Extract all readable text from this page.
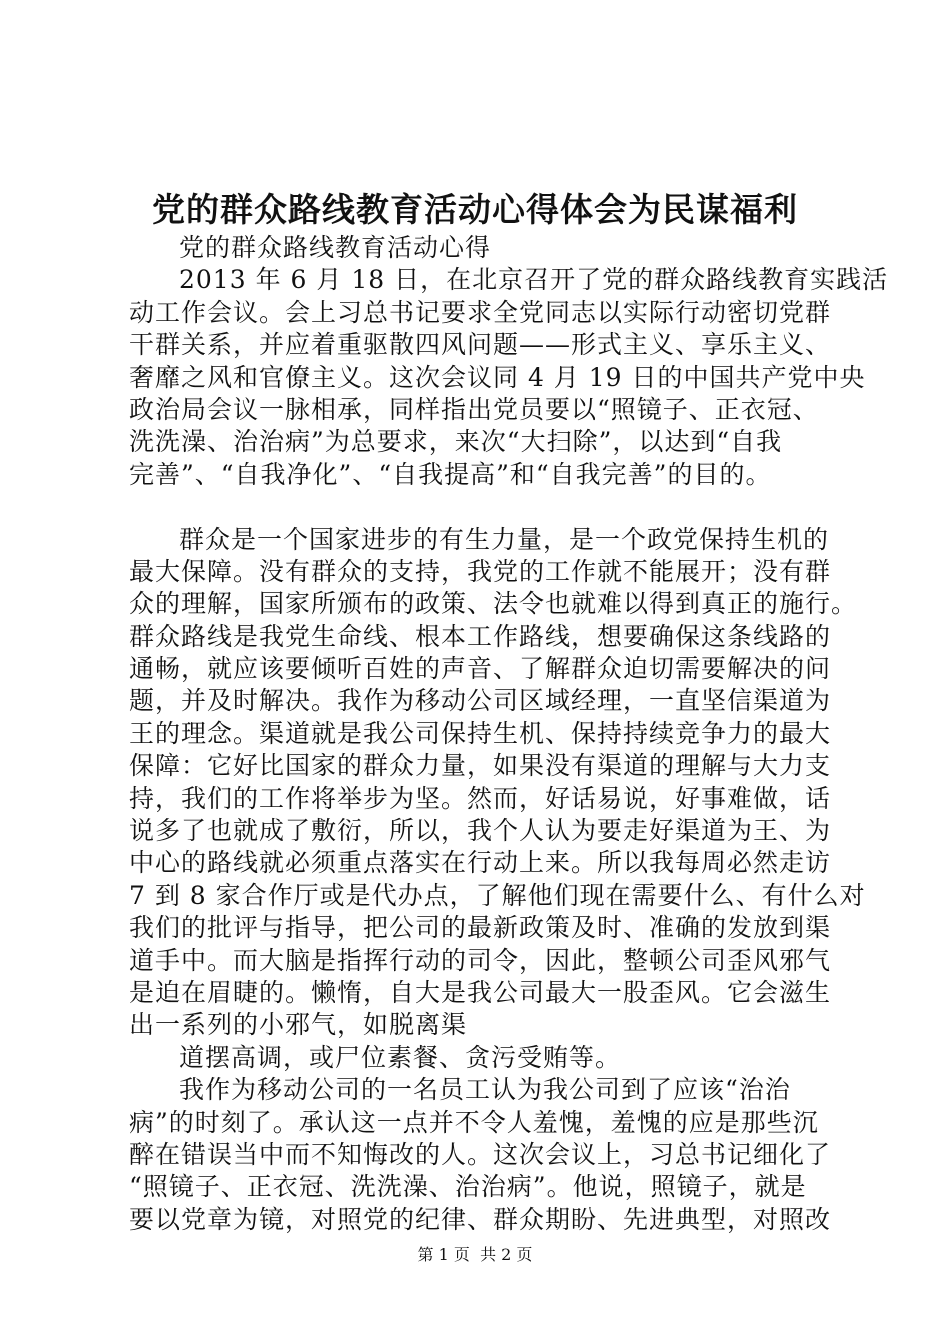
党的群众路线教育活动心得体会为民谋福利
党的群众路线教育活动心得
2013 年 6 月 18 日，在北京召开了党的群众路线教育实践活
动工作会议。会上习总书记要求全党同志以实际行动密切党群
干群关系，并应着重驱散四风问题——形式主义、享乐主义、
奢靡之风和官僚主义。这次会议同 4 月 19 日的中国共产党中央
政治局会议一脉相承，同样指出党员要以“照镜子、正衣冠、
洗洗澡、治治病”为总要求，来次“大扫除”，以达到“自我
完善”、“自我净化”、“自我提高”和“自我完善”的目的。
群众是一个国家进步的有生力量，是一个政党保持生机的
最大保障。没有群众的支持，我党的工作就不能展开；没有群
众的理解，国家所颁布的政策、法令也就难以得到真正的施行。
群众路线是我党生命线、根本工作路线，想要确保这条线路的
通畅，就应该要倾听百姓的声音、了解群众迫切需要解决的问
题，并及时解决。我作为移动公司区域经理，一直坚信渠道为
王的理念。渠道就是我公司保持生机、保持持续竞争力的最大
保障：它好比国家的群众力量，如果没有渠道的理解与大力支
持，我们的工作将举步为坚。然而，好话易说，好事难做，话
说多了也就成了敷衍，所以，我个人认为要走好渠道为王、为
中心的路线就必须重点落实在行动上来。所以我每周必然走访
7 到 8 家合作厅或是代办点，了解他们现在需要什么、有什么对
我们的批评与指导，把公司的最新政策及时、准确的发放到渠
道手中。而大脑是指挥行动的司令，因此，整顿公司歪风邪气
是迫在眉睫的。懒惰，自大是我公司最大一股歪风。它会滋生
出一系列的小邪气，如脱离渠
道摆高调，或尸位素餐、贪污受贿等。
我作为移动公司的一名员工认为我公司到了应该“治治
病”的时刻了。承认这一点并不令人羞愧，羞愧的应是那些沉
醉在错误当中而不知悔改的人。这次会议上，习总书记细化了
“照镜子、正衣冠、洗洗澡、治治病”。他说，照镜子，就是
要以党章为镜，对照党的纪律、群众期盼、先进典型，对照改
第 1 页  共 2 页
